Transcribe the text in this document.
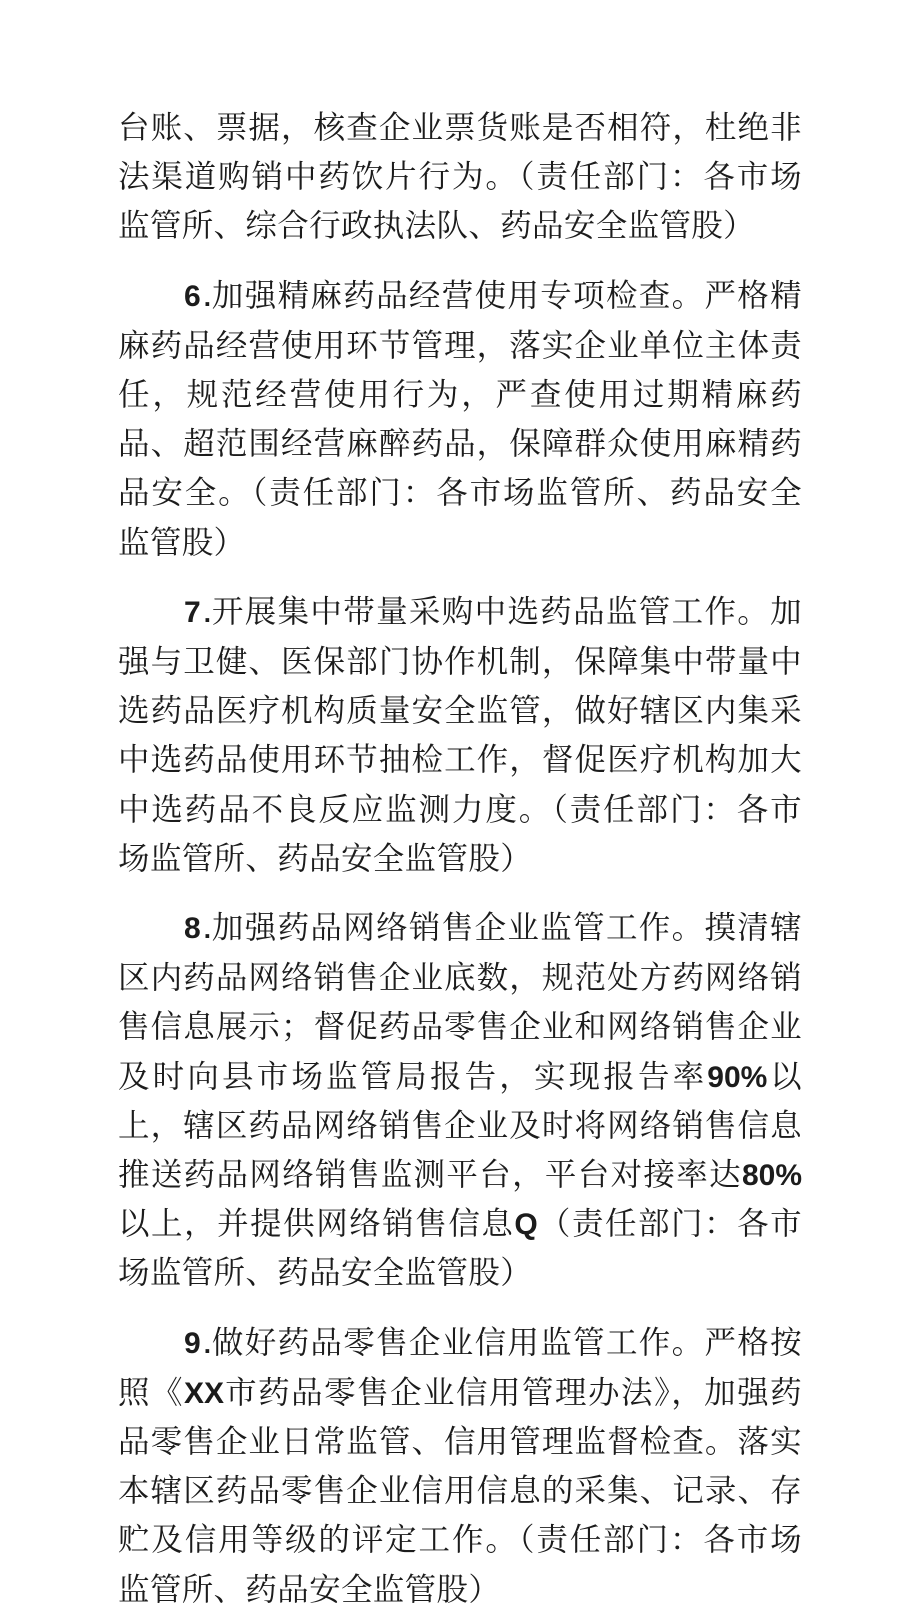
台账、票据，核查企业票货账是否相符，杜绝非法渠道购销中药饮片行为。（责任部门：各市场监管所、综合行政执法队、药品安全监管股）

6 .加强精麻药品经营使用专项检查。严格精麻药品经营使用环节管理，落实企业单位主体责任，规范经营使用行为，严查使用过期精麻药品、超范围经营麻醉药品，保障群众使用麻精药品安全。（责任部门：各市场监管所、药品安全监管股）

7 .开展集中带量采购中选药品监管工作。加强与卫健、医保部门协作机制，保障集中带量中选药品医疗机构质量安全监管，做好辖区内集采中选药品使用环节抽检工作，督促医疗机构加大中选药品不良反应监测力度。（责任部门：各市场监管所、药品安全监管股）

8 .加强药品网络销售企业监管工作。摸清辖区内药品网络销售企业底数，规范处方药网络销售信息展示；督促药品零售企业和网络销售企业及时向县市场监管局报告，实现报告率90%以上，辖区药品网络销售企业及时将网络销售信息推送药品网络销售监测平台，平台对接率达80%以上，并提供网络销售信息Q（责任部门：各市场监管所、药品安全监管股）

9 .做好药品零售企业信用监管工作。严格按照《XX市药品零售企业信用管理办法》，加强药品零售企业日常监管、信用管理监督检查。落实本辖区药品零售企业信用信息的采集、记录、存贮及信用等级的评定工作。（责任部门：各市场监管所、药品安全监管股）
